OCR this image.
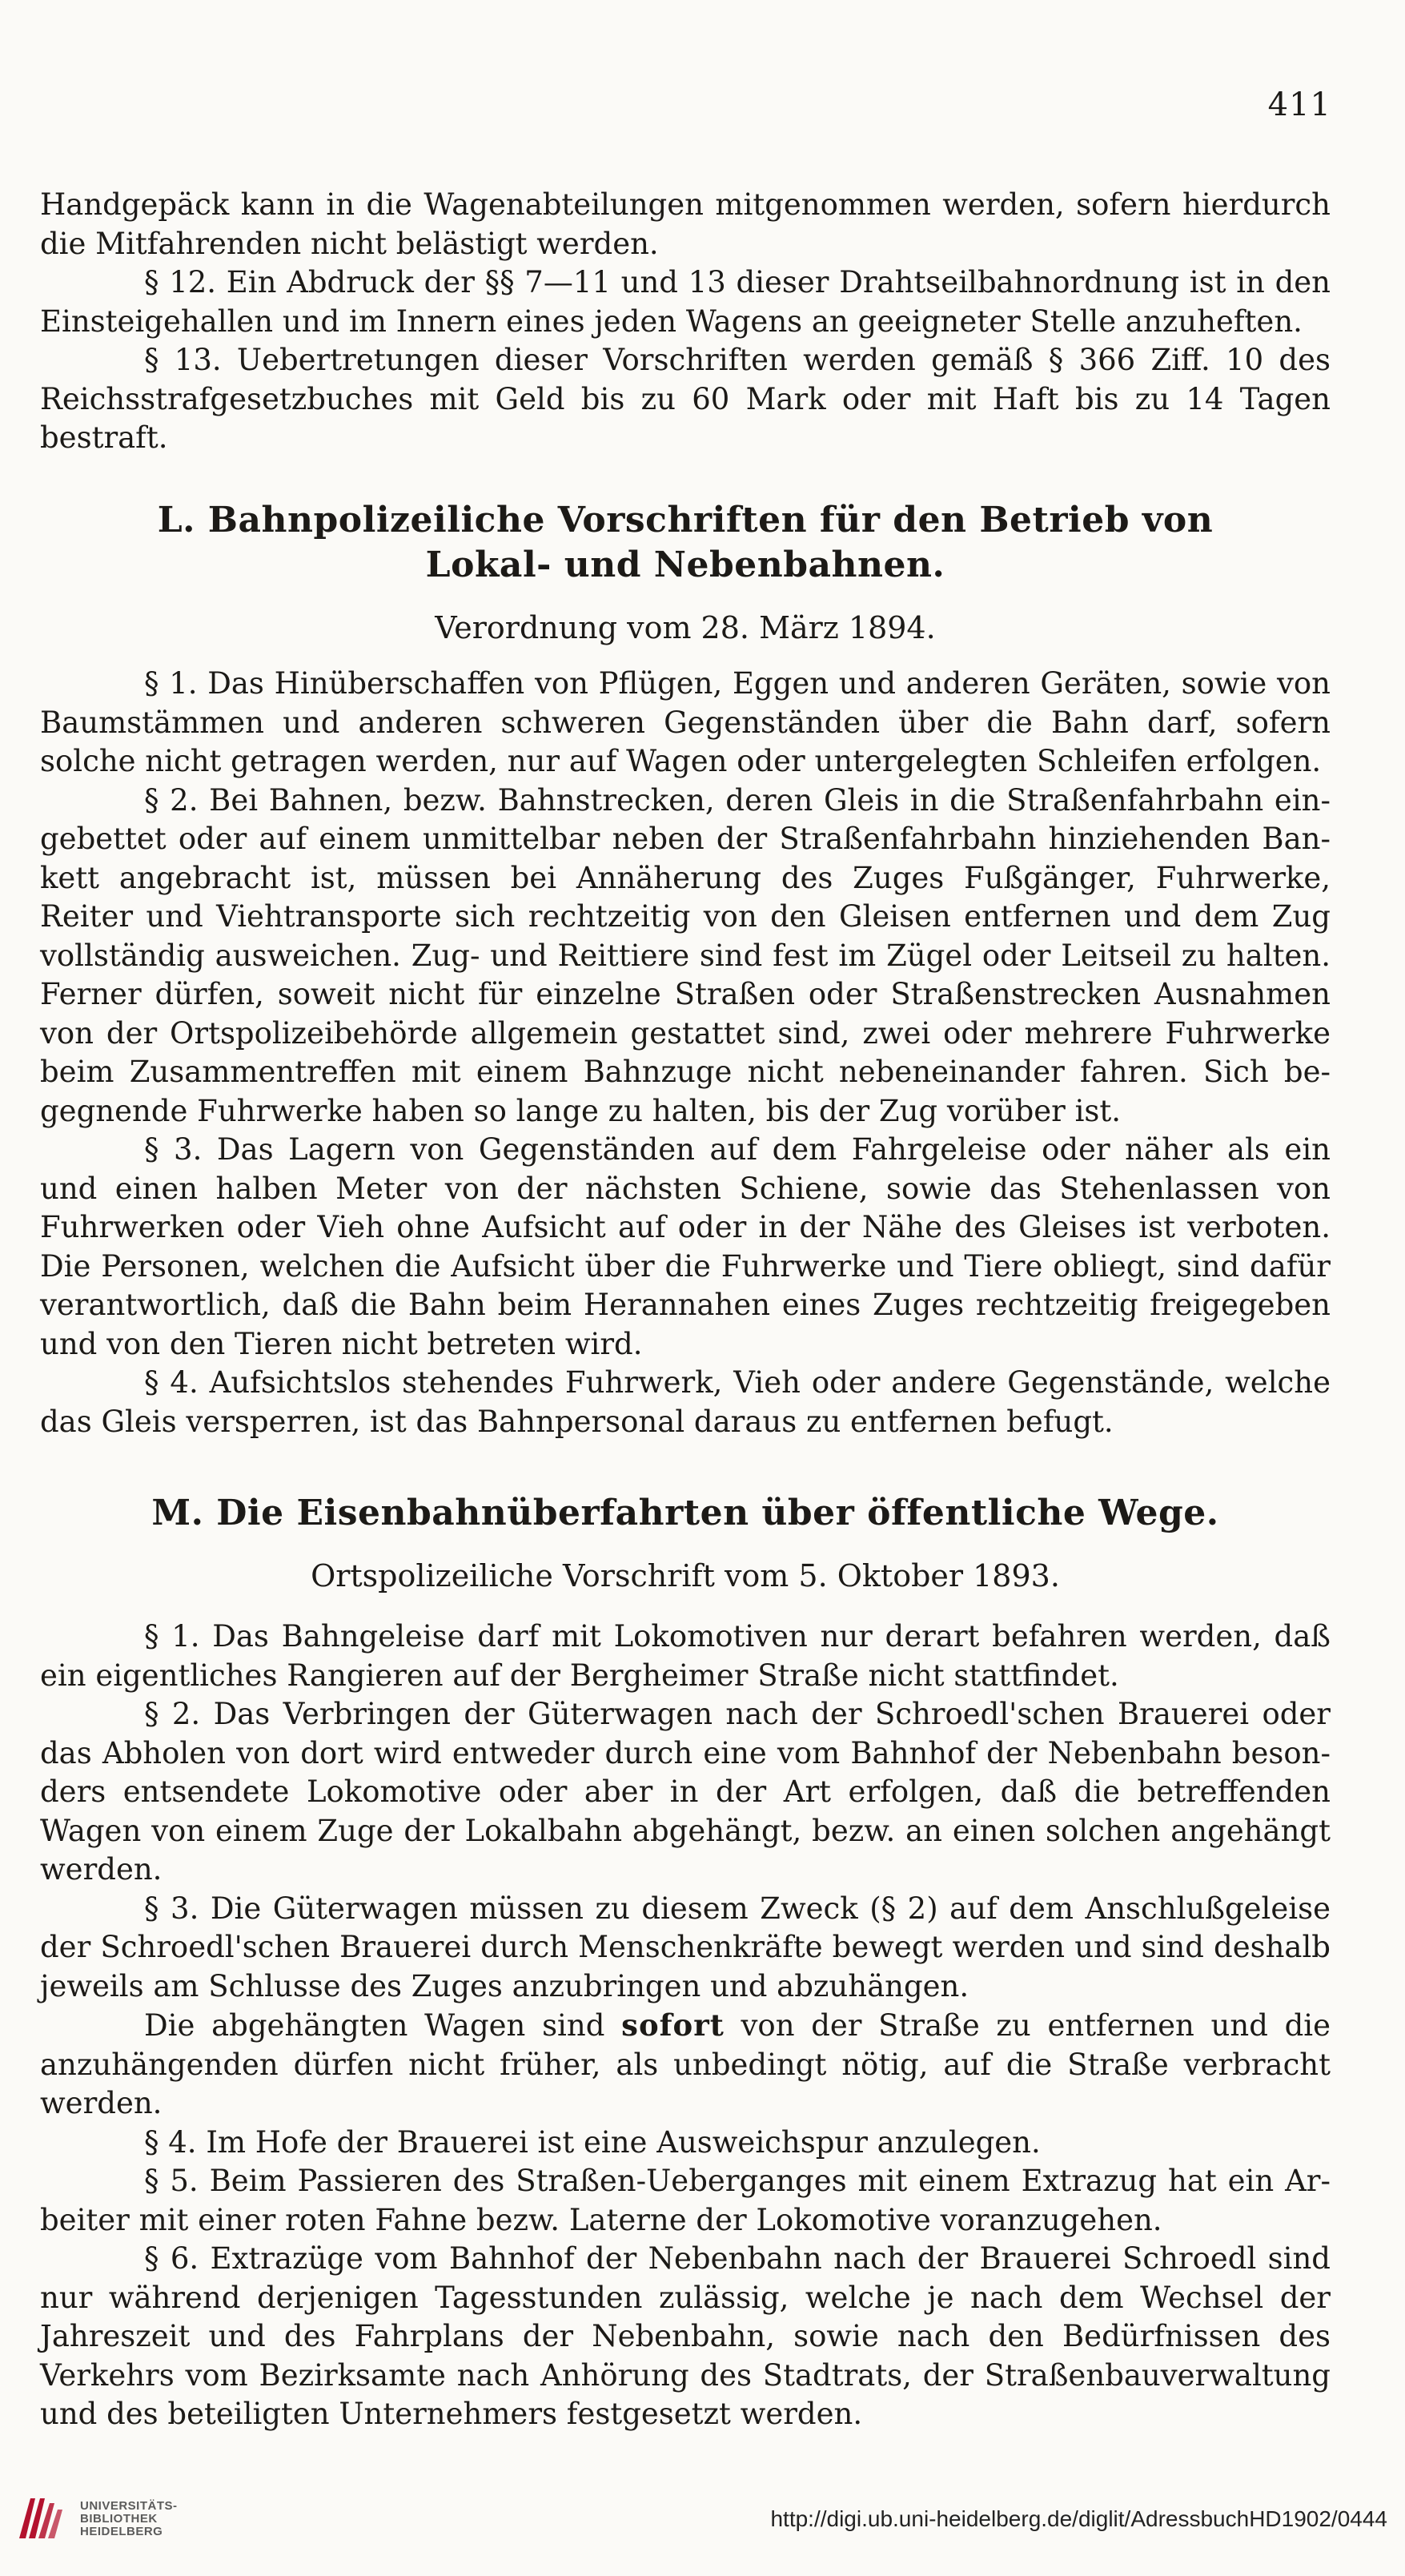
411

Handgepäck kann in die Wagenabteilungen mitgenommen werden, sofern hierdurch die Mitfahrenden nicht belästigt werden.

§ 12. Ein Abdruck der §§ 7—11 und 13 dieser Drahtseilbahnordnung ist in den Einsteigehallen und im Innern eines jeden Wagens an geeigneter Stelle anzuheften.

§ 13. Uebertretungen dieser Vorschriften werden gemäß § 366 Ziff. 10 des Reichsstrafgesetzbuches mit Geld bis zu 60 Mark oder mit Haft bis zu 14 Tagen bestraft.

L. Bahnpolizeiliche Vorschriften für den Betrieb von Lokal- und Nebenbahnen.
Verordnung vom 28. März 1894.

§ 1. Das Hinüberschaffen von Pflügen, Eggen und anderen Geräten, sowie von Baumstämmen und anderen schweren Gegenständen über die Bahn darf, sofern solche nicht getragen werden, nur auf Wagen oder untergelegten Schleifen erfolgen.

§ 2. Bei Bahnen, bezw. Bahnstrecken, deren Gleis in die Straßenfahrbahn eingebettet oder auf einem unmittelbar neben der Straßenfahrbahn hinziehenden Bankett angebracht ist, müssen bei Annäherung des Zuges Fußgänger, Fuhrwerke, Reiter und Viehtransporte sich rechtzeitig von den Gleisen entfernen und dem Zug vollständig ausweichen. Zug- und Reittiere sind fest im Zügel oder Leitseil zu halten. Ferner dürfen, soweit nicht für einzelne Straßen oder Straßenstrecken Ausnahmen von der Ortspolizeibehörde allgemein gestattet sind, zwei oder mehrere Fuhrwerke beim Zusammentreffen mit einem Bahnzuge nicht nebeneinander fahren. Sich begegnende Fuhrwerke haben so lange zu halten, bis der Zug vorüber ist.

§ 3. Das Lagern von Gegenständen auf dem Fahrgeleise oder näher als ein und einen halben Meter von der nächsten Schiene, sowie das Stehenlassen von Fuhrwerken oder Vieh ohne Aufsicht auf oder in der Nähe des Gleises ist verboten. Die Personen, welchen die Aufsicht über die Fuhrwerke und Tiere obliegt, sind dafür verantwortlich, daß die Bahn beim Herannahen eines Zuges rechtzeitig freigegeben und von den Tieren nicht betreten wird.

§ 4. Aufsichtslos stehendes Fuhrwerk, Vieh oder andere Gegenstände, welche das Gleis versperren, ist das Bahnpersonal daraus zu entfernen befugt.

M. Die Eisenbahnüberfahrten über öffentliche Wege.
Ortspolizeiliche Vorschrift vom 5. Oktober 1893.

§ 1. Das Bahngeleise darf mit Lokomotiven nur derart befahren werden, daß ein eigentliches Rangieren auf der Bergheimer Straße nicht stattfindet.

§ 2. Das Verbringen der Güterwagen nach der Schroedl'schen Brauerei oder das Abholen von dort wird entweder durch eine vom Bahnhof der Nebenbahn besonders entsendete Lokomotive oder aber in der Art erfolgen, daß die betreffenden Wagen von einem Zuge der Lokalbahn abgehängt, bezw. an einen solchen angehängt werden.

§ 3. Die Güterwagen müssen zu diesem Zweck (§ 2) auf dem Anschlußgeleise der Schroedl'schen Brauerei durch Menschenkräfte bewegt werden und sind deshalb jeweils am Schlusse des Zuges anzubringen und abzuhängen.

Die abgehängten Wagen sind sofort von der Straße zu entfernen und die anzuhängenden dürfen nicht früher, als unbedingt nötig, auf die Straße verbracht werden.

§ 4. Im Hofe der Brauerei ist eine Ausweichspur anzulegen.

§ 5. Beim Passieren des Straßen-Ueberganges mit einem Extrazug hat ein Arbeiter mit einer roten Fahne bezw. Laterne der Lokomotive voranzugehen.

§ 6. Extrazüge vom Bahnhof der Nebenbahn nach der Brauerei Schroedl sind nur während derjenigen Tagesstunden zulässig, welche je nach dem Wechsel der Jahreszeit und des Fahrplans der Nebenbahn, sowie nach den Bedürfnissen des Verkehrs vom Bezirksamte nach Anhörung des Stadtrats, der Straßenbauverwaltung und des beteiligten Unternehmers festgesetzt werden.

UNIVERSITÄTS-
BIBLIOTHEK
HEIDELBERG
http://digi.ub.uni-heidelberg.de/diglit/AdressbuchHD1902/0444
